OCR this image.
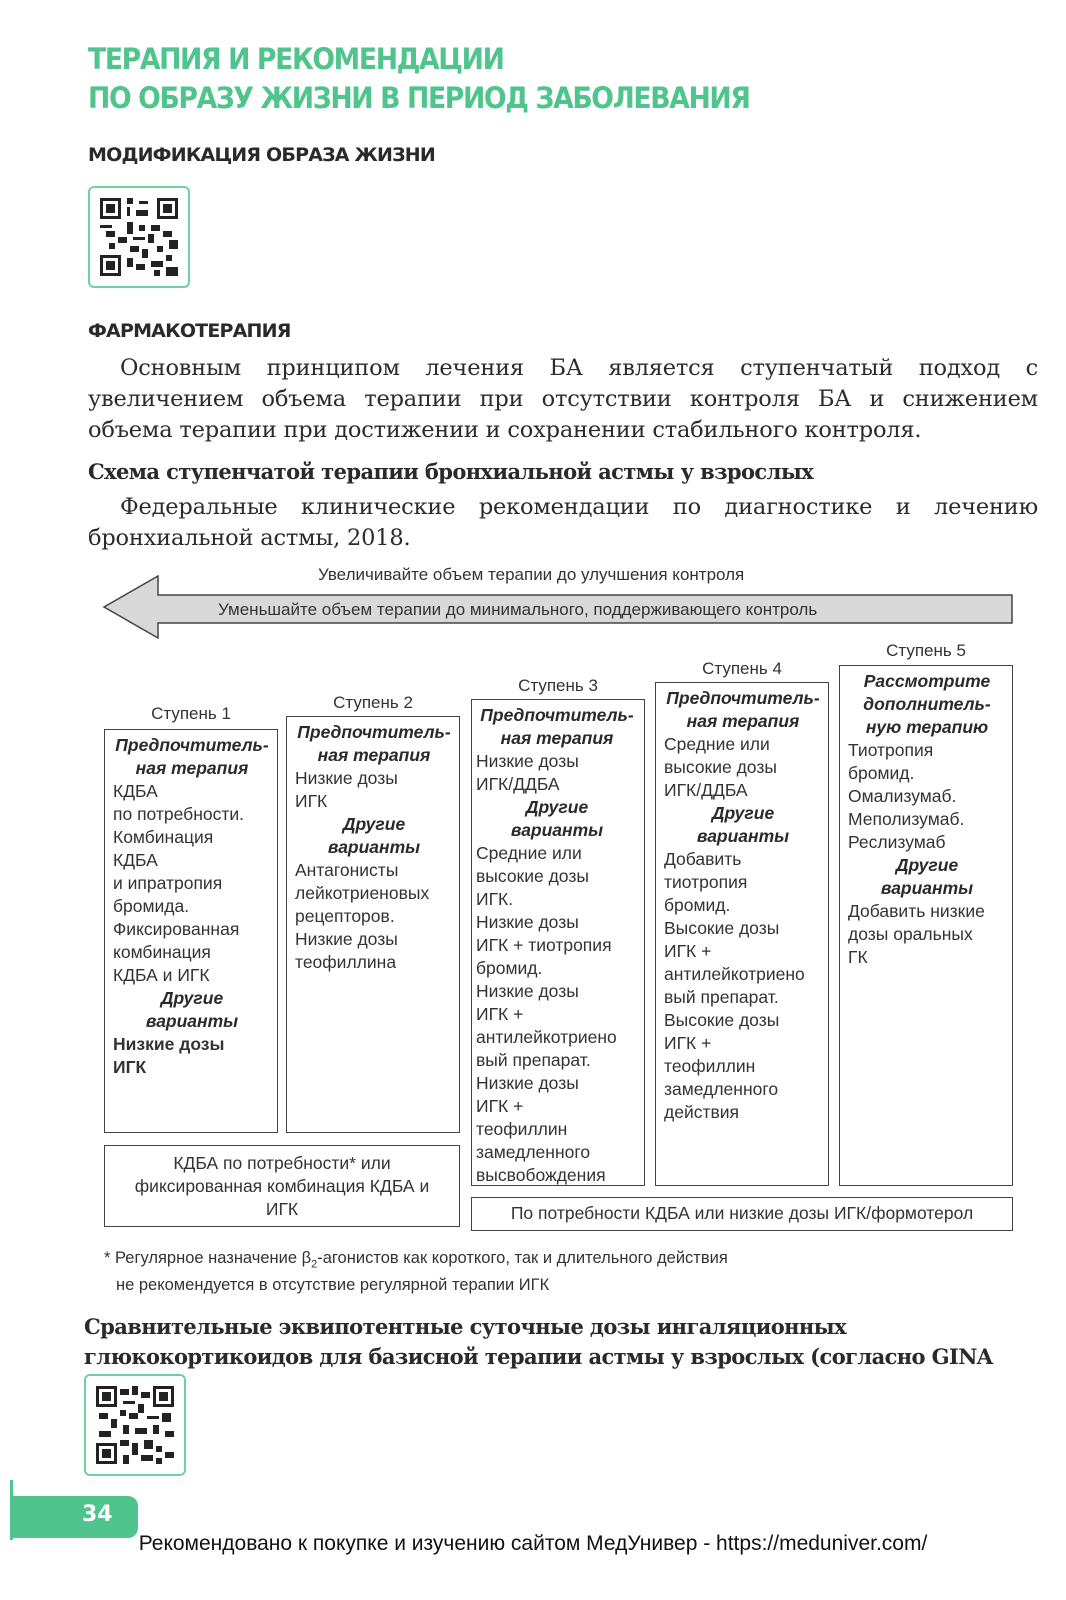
ТЕРАПИЯ И РЕКОМЕНДАЦИИ
ПО ОБРАЗУ ЖИЗНИ В ПЕРИОД ЗАБОЛЕВАНИЯ
МОДИФИКАЦИЯ ОБРАЗА ЖИЗНИ
ФАРМАКОТЕРАПИЯ
Основным принципом лечения БА является ступенчатый подход с увеличением объема терапии при отсутствии контроля БА и снижением объема терапии при достижении и сохранении стабильного контроля.
Схема ступенчатой терапии бронхиальной астмы у взрослых
Федеральные клинические рекомендации по диагностике и лечению бронхиальной астмы, 2018.
Увеличивайте объем терапии до улучшения контроля
Уменьшайте объем терапии до минимального, поддерживающего контроль
Ступень 1
Ступень 2
Ступень 3
Ступень 4
Ступень 5
Предпочтитель-ная терапия
КДБА
по потребности.
Комбинация
КДБА
и ипратропия
бромида.
Фиксированная
комбинация
КДБА и ИГК
Другие варианты
Низкие дозы
ИГК
Предпочтитель-ная терапия
Низкие дозы
ИГК
Другие варианты
Антагонисты
лейкотриеновых
рецепторов.
Низкие дозы
теофиллина
Предпочтитель-ная терапия
Низкие дозы
ИГК/ДДБА
Другие варианты
Средние или
высокие дозы
ИГК.
Низкие дозы
ИГК + тиотропия
бромид.
Низкие дозы
ИГК +
антилейкотриено
вый препарат.
Низкие дозы
ИГК +
теофиллин
замедленного
высвобождения
Предпочтитель-ная терапия
Средние или
высокие дозы
ИГК/ДДБА
Другие варианты
Добавить
тиотропия
бромид.
Высокие дозы
ИГК +
антилейкотриено
вый препарат.
Высокие дозы
ИГК +
теофиллин
замедленного
действия
Рассмотрите дополнитель-ную терапию
Тиотропия
бромид.
Омализумаб.
Меполизумаб.
Реслизумаб
Другие варианты
Добавить низкие
дозы оральных
ГК
КДБА по потребности* или фиксированная комбинация КДБА и ИГК	По потребности КДБА или низкие дозы ИГК/формотерол
* Регулярное назначение $\beta_2$-агонистов как короткого, так и длительного действия
не рекомендуется в отсутствие регулярной терапии ИГК
Сравнительные эквипотентные суточные дозы ингаляционных глюкокортикоидов для базисной терапии астмы у взрослых (согласно GINA
34
Рекомендовано к покупке и изучению сайтом МедУнивер - https://meduniver.com/
